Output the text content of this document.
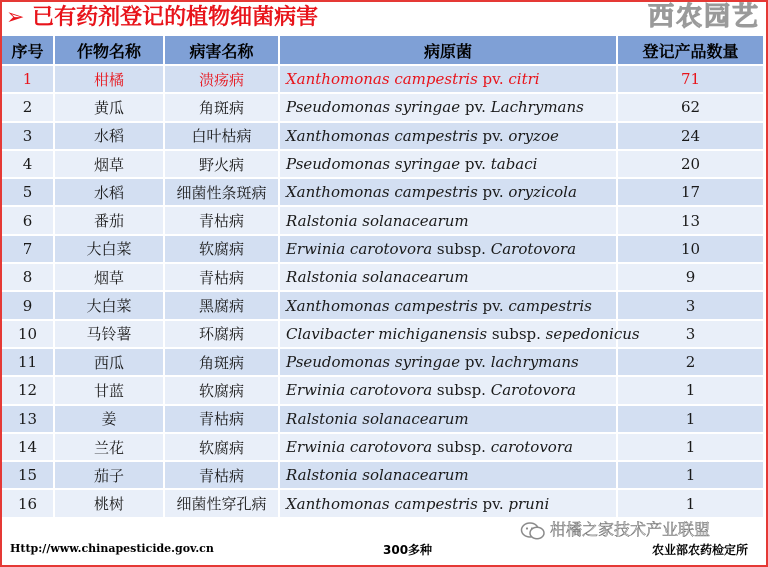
➢ 已有药剂登记的植物细菌病害	西农园艺
序号	作物名称	病害名称	病原菌	登记产品数量
1	柑橘	溃疡病	Xanthomonas campestris pv. citri	71
2	黄瓜	角斑病	Pseudomonas syringae pv. Lachrymans	62
3	水稻	白叶枯病	Xanthomonas campestris pv. oryzoe	24
4	烟草	野火病	Pseudomonas syringae pv. tabaci	20
5	水稻	细菌性条斑病	Xanthomonas campestris pv. oryzicola	17
6	番茄	青枯病	Ralstonia solanacearum	13
7	大白菜	软腐病	Erwinia carotovora subsp. Carotovora	10
8	烟草	青枯病	Ralstonia solanacearum	9
9	大白菜	黑腐病	Xanthomonas campestris pv. campestris	3
10	马铃薯	环腐病	Clavibacter michiganensis subsp. sepedonicus	3
11	西瓜	角斑病	Pseudomonas syringae pv. lachrymans	2
12	甘蓝	软腐病	Erwinia carotovora subsp. Carotovora	1
13	姜	青枯病	Ralstonia solanacearum	1
14	兰花	软腐病	Erwinia carotovora subsp. carotovora	1
15	茄子	青枯病	Ralstonia solanacearum	1
16	桃树	细菌性穿孔病	Xanthomonas campestris pv. pruni	1
柑橘之家技术产业联盟
Http://www.chinapesticide.gov.cn	300多种	农业部农药检定所
